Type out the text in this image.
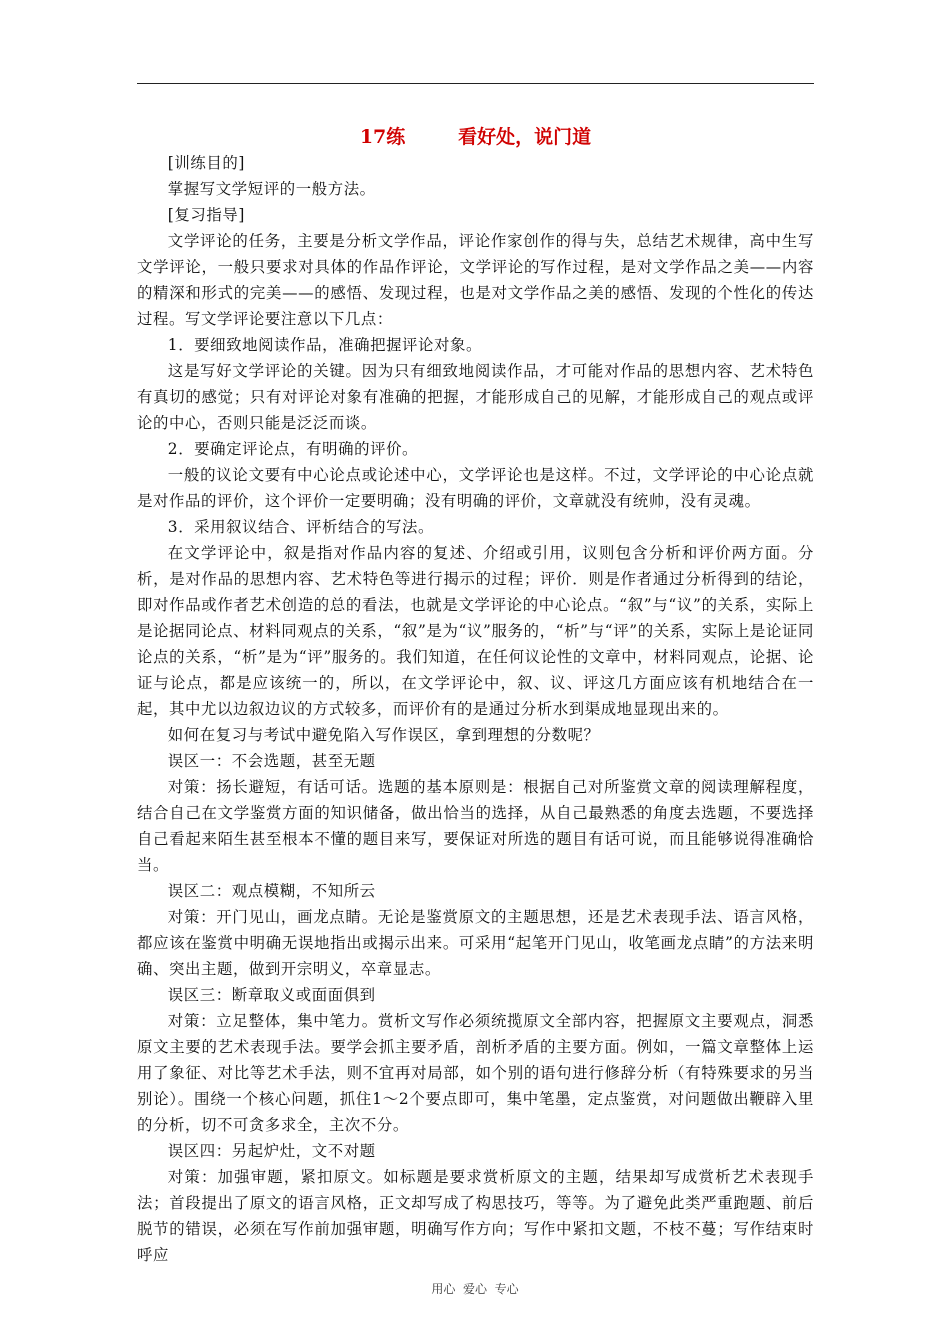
17练        看好处，说门道

[训练目的]

掌握写文学短评的一般方法。

[复习指导]

文学评论的任务，主要是分析文学作品，评论作家创作的得与失，总结艺术规律，高中生写文学评论，一般只要求对具体的作品作评论，文学评论的写作过程，是对文学作品之美——内容的精深和形式的完美——的感悟、发现过程，也是对文学作品之美的感悟、发现的个性化的传达过程。写文学评论要注意以下几点：

1．要细致地阅读作品，准确把握评论对象。

这是写好文学评论的关键。因为只有细致地阅读作品，才可能对作品的思想内容、艺术特色有真切的感觉；只有对评论对象有准确的把握，才能形成自己的见解，才能形成自己的观点或评论的中心，否则只能是泛泛而谈。

2．要确定评论点，有明确的评价。

一般的议论文要有中心论点或论述中心，文学评论也是这样。不过，文学评论的中心论点就是对作品的评价，这个评价一定要明确；没有明确的评价，文章就没有统帅，没有灵魂。

3．采用叙议结合、评析结合的写法。

在文学评论中，叙是指对作品内容的复述、介绍或引用，议则包含分析和评价两方面。分析，是对作品的思想内容、艺术特色等进行揭示的过程；评价．则是作者通过分析得到的结论，即对作品或作者艺术创造的总的看法，也就是文学评论的中心论点。“叙”与“议”的关系，实际上是论据同论点、材料同观点的关系，“叙”是为“议”服务的，“析”与“评”的关系，实际上是论证同论点的关系，“析”是为“评”服务的。我们知道，在任何议论性的文章中，材料同观点，论据、论证与论点，都是应该统一的，所以，在文学评论中，叙、议、评这几方面应该有机地结合在一起，其中尤以边叙边议的方式较多，而评价有的是通过分析水到渠成地显现出来的。

如何在复习与考试中避免陷入写作误区，拿到理想的分数呢？

误区一：不会选题，甚至无题

对策：扬长避短，有话可话。选题的基本原则是：根据自己对所鉴赏文章的阅读理解程度，结合自己在文学鉴赏方面的知识储备，做出恰当的选择，从自己最熟悉的角度去选题，不要选择自己看起来陌生甚至根本不懂的题目来写，要保证对所选的题目有话可说，而且能够说得准确恰当。

误区二：观点模糊，不知所云

对策：开门见山，画龙点睛。无论是鉴赏原文的主题思想，还是艺术表现手法、语言风格，都应该在鉴赏中明确无误地指出或揭示出来。可采用“起笔开门见山，收笔画龙点睛”的方法来明确、突出主题，做到开宗明义，卒章显志。

误区三：断章取义或面面俱到

对策：立足整体，集中笔力。赏析文写作必须统揽原文全部内容，把握原文主要观点，洞悉原文主要的艺术表现手法。要学会抓主要矛盾，剖析矛盾的主要方面。例如，一篇文章整体上运用了象征、对比等艺术手法，则不宜再对局部，如个别的语句进行修辞分析（有特殊要求的另当别论）。围绕一个核心问题，抓住1～2个要点即可，集中笔墨，定点鉴赏，对问题做出鞭辟入里的分析，切不可贪多求全，主次不分。

误区四：另起炉灶，文不对题

对策：加强审题，紧扣原文。如标题是要求赏析原文的主题，结果却写成赏析艺术表现手法；首段提出了原文的语言风格，正文却写成了构思技巧，等等。为了避免此类严重跑题、前后脱节的错误，必须在写作前加强审题，明确写作方向；写作中紧扣文题，不枝不蔓；写作结束时呼应

用心  爱心  专心
